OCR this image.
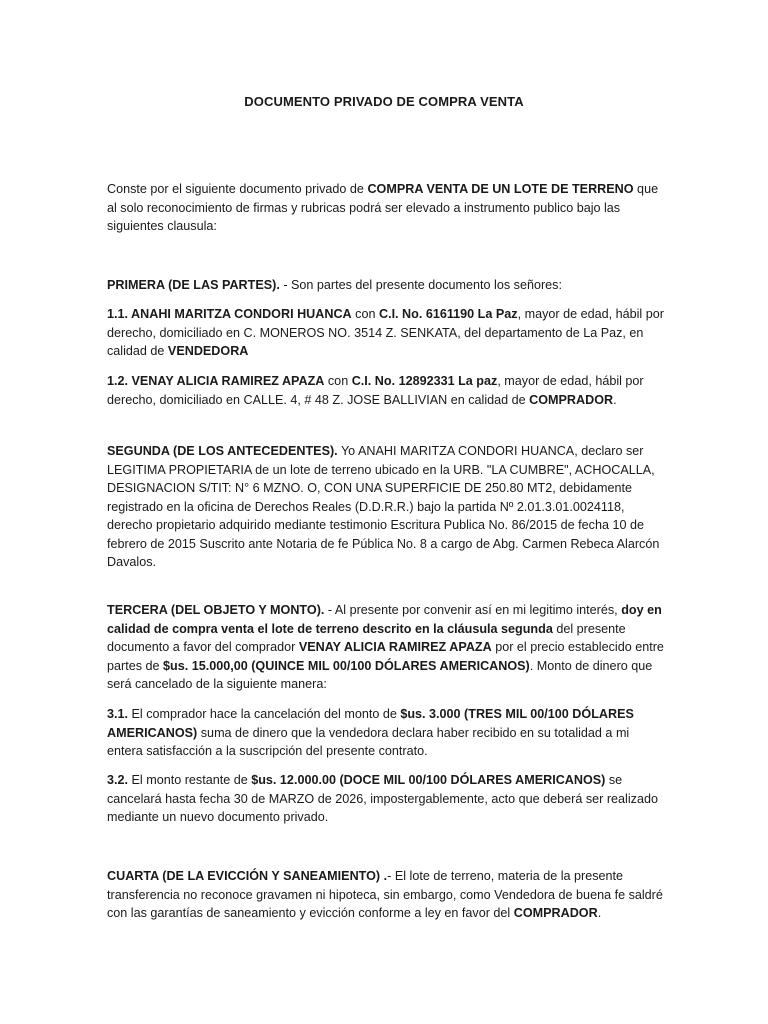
DOCUMENTO PRIVADO DE COMPRA VENTA

Conste por el siguiente documento privado de COMPRA VENTA DE UN LOTE DE TERRENO que al solo reconocimiento de firmas y rubricas podrá ser elevado a instrumento publico bajo las siguientes clausula:

PRIMERA (DE LAS PARTES). - Son partes del presente documento los señores:

1.1. ANAHI MARITZA CONDORI HUANCA con C.I. No. 6161190 La Paz, mayor de edad, hábil por derecho, domiciliado en C. MONEROS NO. 3514 Z. SENKATA, del departamento de La Paz, en calidad de VENDEDORA

1.2. VENAY ALICIA RAMIREZ APAZA con C.I. No. 12892331 La paz, mayor de edad, hábil por derecho, domiciliado en CALLE. 4, # 48 Z. JOSE BALLIVIAN en calidad de COMPRADOR.

SEGUNDA (DE LOS ANTECEDENTES). Yo ANAHI MARITZA CONDORI HUANCA, declaro ser LEGITIMA PROPIETARIA de un lote de terreno ubicado en la URB. "LA CUMBRE", ACHOCALLA, DESIGNACION S/TIT: N° 6 MZNO. O, CON UNA SUPERFICIE DE 250.80 MT2, debidamente registrado en la oficina de Derechos Reales (D.D.R.R.) bajo la partida Nº 2.01.3.01.0024118, derecho propietario adquirido mediante testimonio Escritura Publica No. 86/2015 de fecha 10 de febrero de 2015 Suscrito ante Notaria de fe Pública No. 8 a cargo de Abg. Carmen Rebeca Alarcón Davalos.

TERCERA (DEL OBJETO Y MONTO). - Al presente por convenir así en mi legitimo interés, doy en calidad de compra venta el lote de terreno descrito en la cláusula segunda del presente documento a favor del comprador VENAY ALICIA RAMIREZ APAZA por el precio establecido entre partes de $us. 15.000,00 (QUINCE MIL 00/100 DÓLARES AMERICANOS). Monto de dinero que será cancelado de la siguiente manera:

3.1. El comprador hace la cancelación del monto de $us. 3.000 (TRES MIL 00/100 DÓLARES AMERICANOS) suma de dinero que la vendedora declara haber recibido en su totalidad a mi entera satisfacción a la suscripción del presente contrato.

3.2. El monto restante de $us. 12.000.00 (DOCE MIL 00/100 DÓLARES AMERICANOS) se cancelará hasta fecha 30 de MARZO de 2026, impostergablemente, acto que deberá ser realizado mediante un nuevo documento privado.

CUARTA (DE LA EVICCIÓN Y SANEAMIENTO) .- El lote de terreno, materia de la presente transferencia no reconoce gravamen ni hipoteca, sin embargo, como Vendedora de buena fe saldré con las garantías de saneamiento y evicción conforme a ley en favor del COMPRADOR.
